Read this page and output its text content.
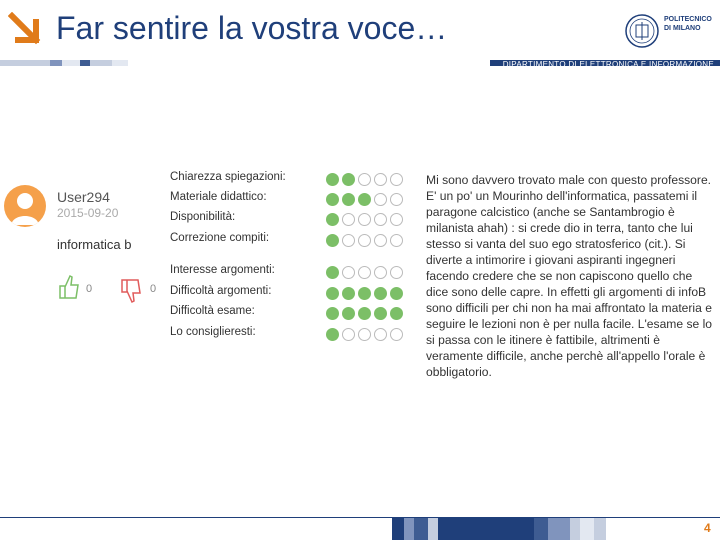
Far sentire la vostra voce…	POLITECNICO DI MILANO
DIPARTIMENTO DI ELETTRONICA E INFORMAZIONE
User294
2015-09-20
informatica b
0	0
Chiarezza spiegazioni:
Materiale didattico:
Disponibilità:
Correzione compiti:
Interesse argomenti:
Difficoltà argomenti:
Difficoltà esame:
Lo consiglieresti:
Mi sono davvero trovato male con questo professore. E' un po' un Mourinho dell'informatica, passatemi il paragone calcistico (anche se Santambrogio è milanista ahah) : si crede dio in terra, tanto che lui stesso si vanta del suo ego stratosferico (cit.). Si diverte a intimorire i giovani aspiranti ingegneri facendo credere che se non capiscono quello che dice sono delle capre. In effetti gli argomenti di infoB sono difficili per chi non ha mai affrontato la materia e seguire le lezioni non è per nulla facile. L'esame se lo si passa con le itinere è fattibile, altrimenti è veramente difficile, anche perchè all'appello l'orale è obbligatorio.
4
